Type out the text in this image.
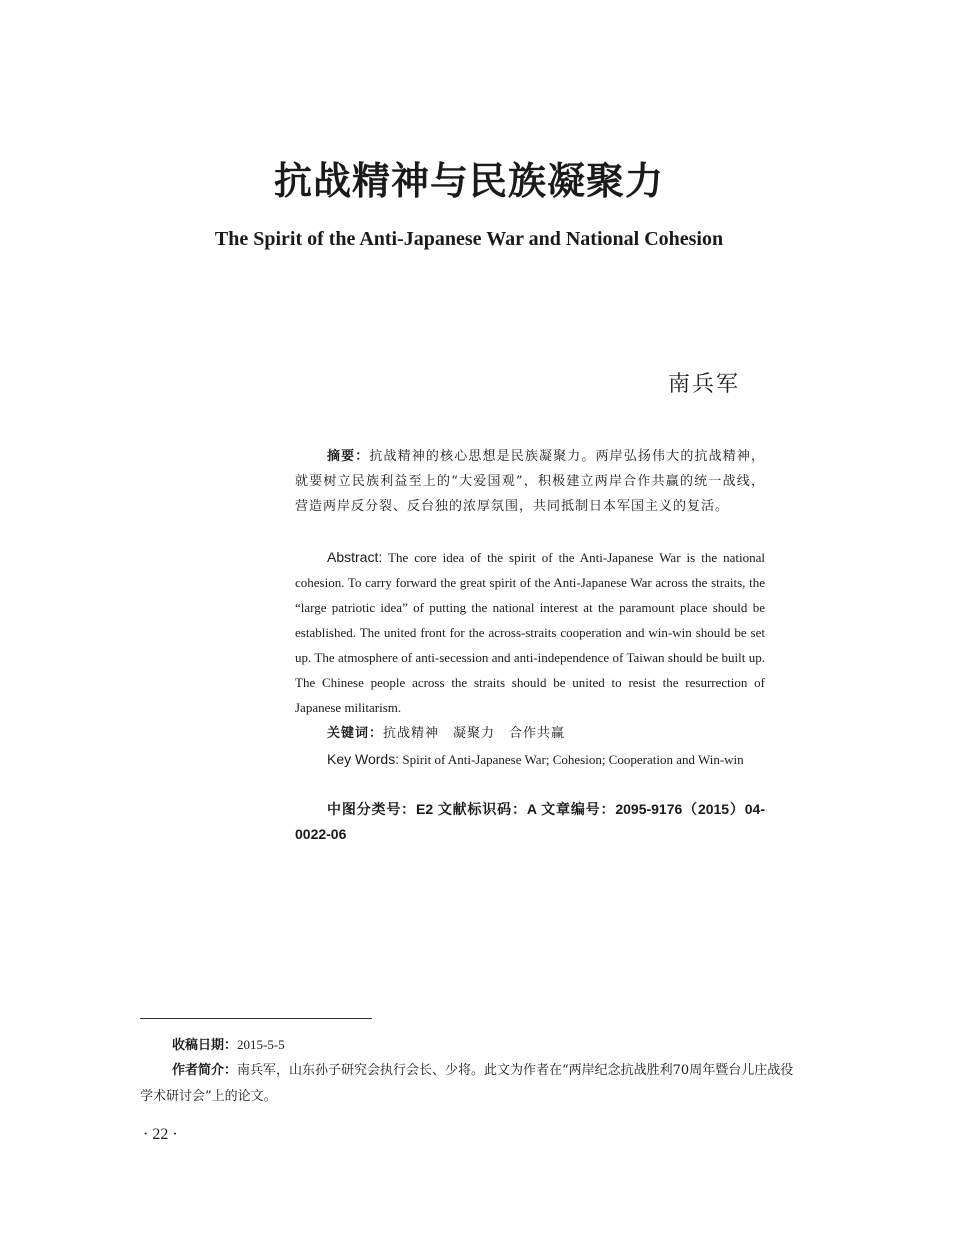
抗战精神与民族凝聚力
The Spirit of the Anti-Japanese War and National Cohesion
南兵军
摘要：抗战精神的核心思想是民族凝聚力。两岸弘扬伟大的抗战精神，就要树立民族利益至上的“大爱国观”，积极建立两岸合作共赢的统一战线，营造两岸反分裂、反台独的浓厚氛围，共同抵制日本军国主义的复活。
Abstract: The core idea of the spirit of the Anti-Japanese War is the national cohesion. To carry forward the great spirit of the Anti-Japanese War across the straits, the “large patriotic idea” of putting the national interest at the paramount place should be established. The united front for the across-straits cooperation and win-win should be set up. The atmosphere of anti-secession and anti-independence of Taiwan should be built up. The Chinese people across the straits should be united to resist the resurrection of Japanese militarism.
关键词：抗战精神　凝聚力　合作共赢
Key Words: Spirit of Anti-Japanese War; Cohesion; Cooperation and Win-win
中图分类号：E2 文献标识码：A 文章编号：2095-9176（2015）04-0022-06
收稿日期：2015-5-5
作者简介：南兵军，山东孙子研究会执行会长、少将。此文为作者在“两岸纪念抗战胜利70周年暨台儿庄战役学术研讨会”上的论文。
· 22 ·
